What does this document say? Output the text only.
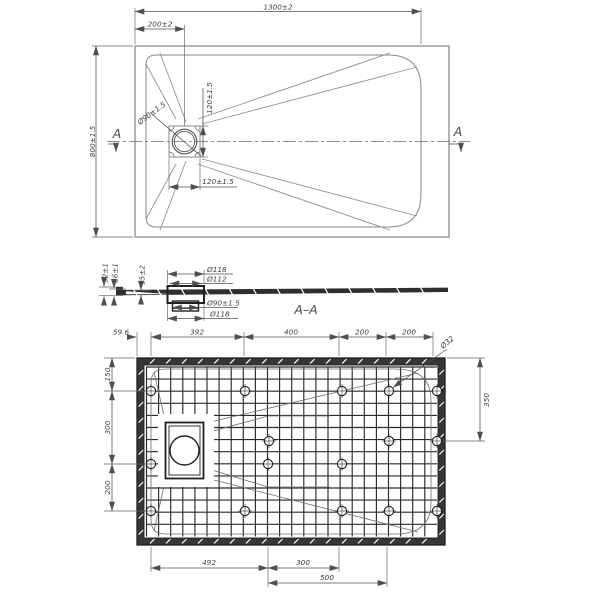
1300±2
200±2
800±1.5
Ø90±1.5	120±1.5
120±1.5
A	A
Ø118
Ø112
Ø90±1.5
Ø118
32±1 26±1 15±2
A–A
59.6	392	400	200	200
Ø32
150
300
200
350
492	300
500
